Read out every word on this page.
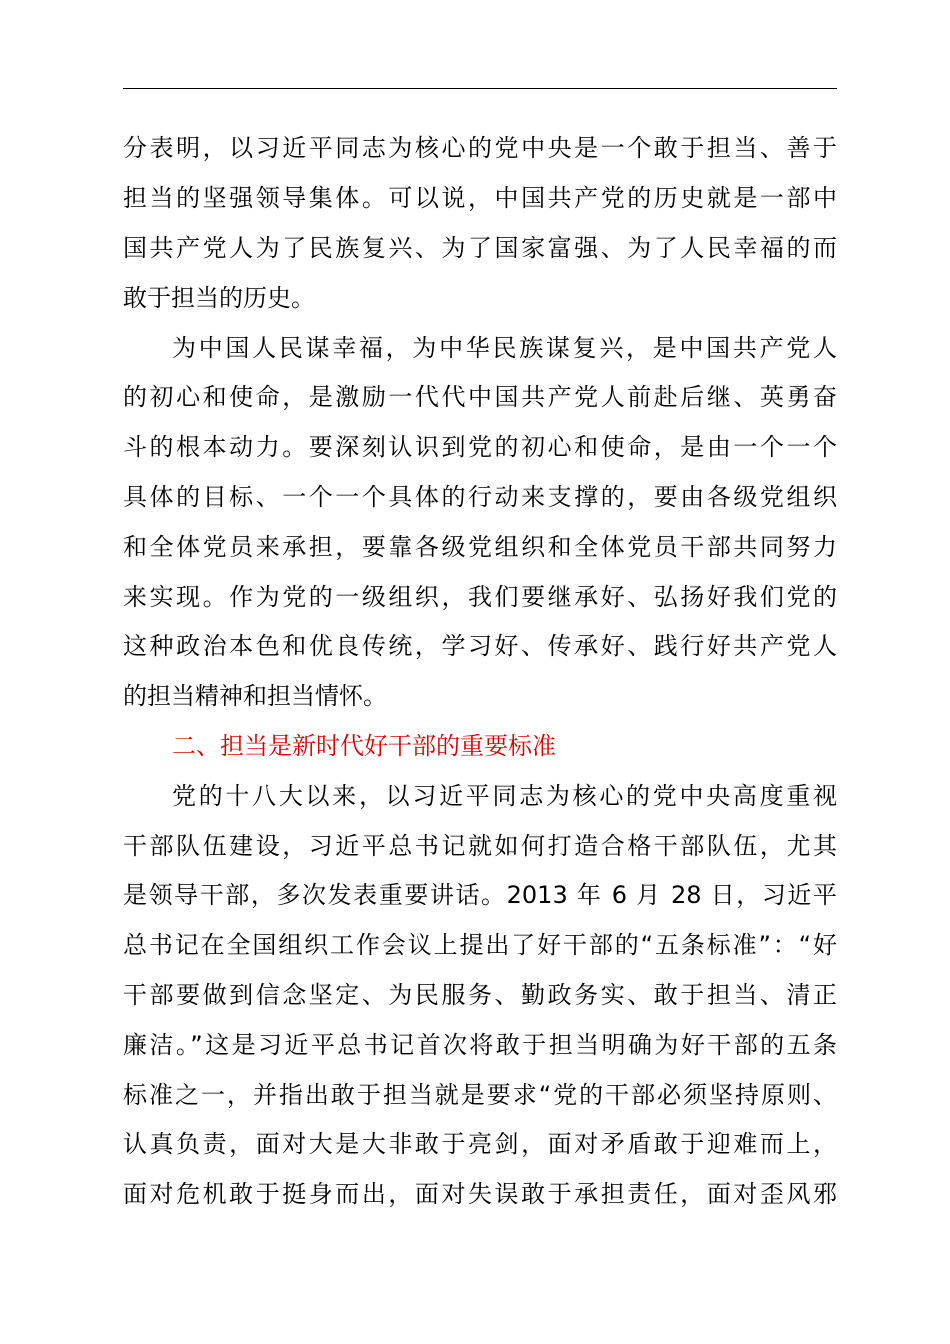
分表明，以习近平同志为核心的党中央是一个敢于担当、善于
担当的坚强领导集体。可以说，中国共产党的历史就是一部中
国共产党人为了民族复兴、为了国家富强、为了人民幸福的而
敢于担当的历史。
为中国人民谋幸福，为中华民族谋复兴，是中国共产党人
的初心和使命，是激励一代代中国共产党人前赴后继、英勇奋
斗的根本动力。要深刻认识到党的初心和使命，是由一个一个
具体的目标、一个一个具体的行动来支撑的，要由各级党组织
和全体党员来承担，要靠各级党组织和全体党员干部共同努力
来实现。作为党的一级组织，我们要继承好、弘扬好我们党的
这种政治本色和优良传统，学习好、传承好、践行好共产党人
的担当精神和担当情怀。
二、担当是新时代好干部的重要标准
党的十八大以来，以习近平同志为核心的党中央高度重视
干部队伍建设，习近平总书记就如何打造合格干部队伍，尤其
是领导干部，多次发表重要讲话。2013 年 6 月 28 日，习近平
总书记在全国组织工作会议上提出了好干部的“五条标准”：“好
干部要做到信念坚定、为民服务、勤政务实、敢于担当、清正
廉洁。”这是习近平总书记首次将敢于担当明确为好干部的五条
标准之一，并指出敢于担当就是要求“党的干部必须坚持原则、
认真负责，面对大是大非敢于亮剑，面对矛盾敢于迎难而上，
面对危机敢于挺身而出，面对失误敢于承担责任，面对歪风邪
